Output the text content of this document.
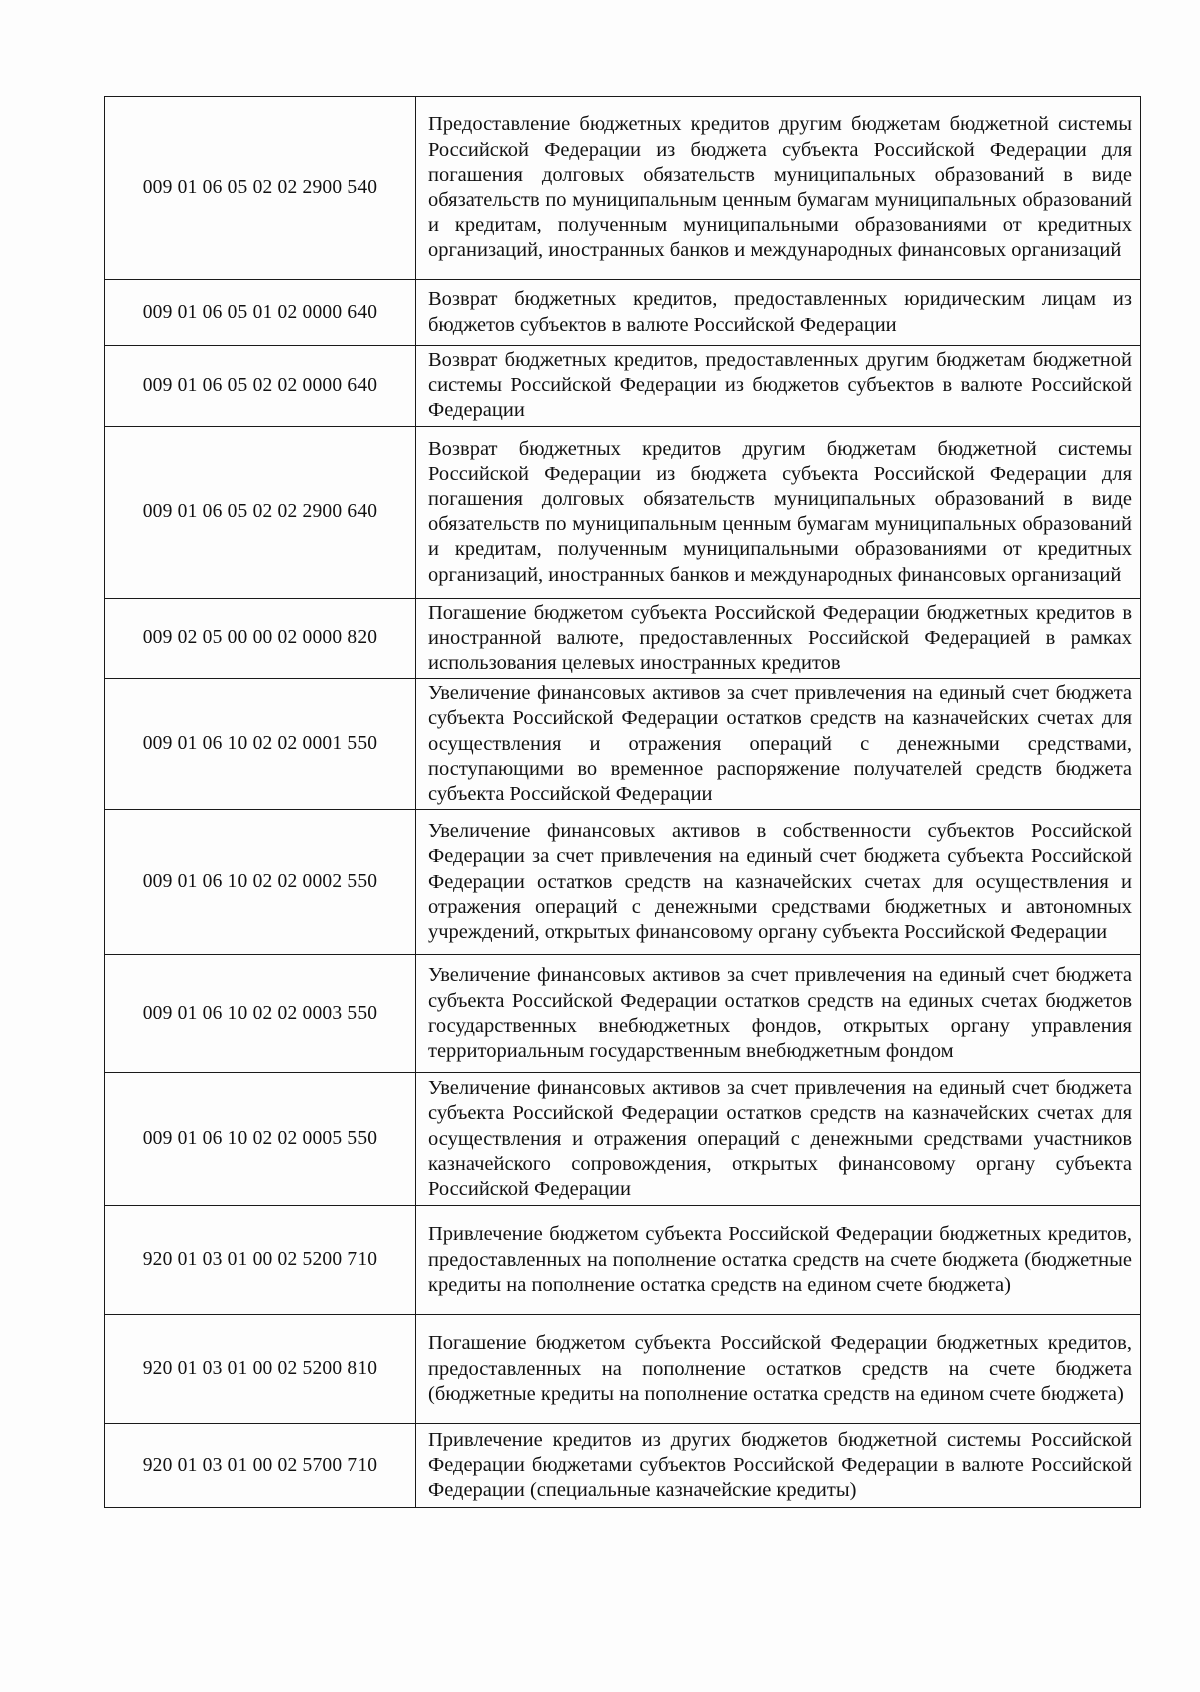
009 01 06 05 02 02 2900 540	Предоставление бюджетных кредитов другим бюджетам бюджетной системы Российской Федерации из бюджета субъекта Российской Федерации для погашения долговых обязательств муниципальных образований в виде обязательств по муниципальным ценным бумагам муниципальных образований и кредитам, полученным муниципальными образованиями от кредитных организаций, иностранных банков и международных финансовых организаций
009 01 06 05 01 02 0000 640	Возврат бюджетных кредитов, предоставленных юридическим лицам из бюджетов субъектов в валюте Российской Федерации
009 01 06 05 02 02 0000 640	Возврат бюджетных кредитов, предоставленных другим бюджетам бюджетной системы Российской Федерации из бюджетов субъектов в валюте Российской Федерации
009 01 06 05 02 02 2900 640	Возврат бюджетных кредитов другим бюджетам бюджетной системы Российской Федерации из бюджета субъекта Российской Федерации для погашения долговых обязательств муниципальных образований в виде обязательств по муниципальным ценным бумагам муниципальных образований и кредитам, полученным муниципальными образованиями от кредитных организаций, иностранных банков и международных финансовых организаций
009 02 05 00 00 02 0000 820	Погашение бюджетом субъекта Российской Федерации бюджетных кредитов в иностранной валюте, предоставленных Российской Федерацией в рамках использования целевых иностранных кредитов
009 01 06 10 02 02 0001 550	Увеличение финансовых активов за счет привлечения на единый счет бюджета субъекта Российской Федерации остатков средств на казначейских счетах для осуществления и отражения операций с денежными средствами, поступающими во временное распоряжение получателей средств бюджета субъекта Российской Федерации
009 01 06 10 02 02 0002 550	Увеличение финансовых активов в собственности субъектов Российской Федерации за счет привлечения на единый счет бюджета субъекта Российской Федерации остатков средств на казначейских счетах для осуществления и отражения операций с денежными средствами бюджетных и автономных учреждений, открытых финансовому органу субъекта Российской Федерации
009 01 06 10 02 02 0003 550	Увеличение финансовых активов за счет привлечения на единый счет бюджета субъекта Российской Федерации остатков средств на единых счетах бюджетов государственных внебюджетных фондов, открытых органу управления территориальным государственным внебюджетным фондом
009 01 06 10 02 02 0005 550	Увеличение финансовых активов за счет привлечения на единый счет бюджета субъекта Российской Федерации остатков средств на казначейских счетах для осуществления и отражения операций с денежными средствами участников казначейского сопровождения, открытых финансовому органу субъекта Российской Федерации
920 01 03 01 00 02 5200 710	Привлечение бюджетом субъекта Российской Федерации бюджетных кредитов, предоставленных на пополнение остатка средств на счете бюджета (бюджетные кредиты на пополнение остатка средств на едином счете бюджета)
920 01 03 01 00 02 5200 810	Погашение бюджетом субъекта Российской Федерации бюджетных кредитов, предоставленных на пополнение остатков средств на счете бюджета (бюджетные кредиты на пополнение остатка средств на едином счете бюджета)
920 01 03 01 00 02 5700 710	Привлечение кредитов из других бюджетов бюджетной системы Российской Федерации бюджетами субъектов Российской Федерации в валюте Российской Федерации (специальные казначейские кредиты)
